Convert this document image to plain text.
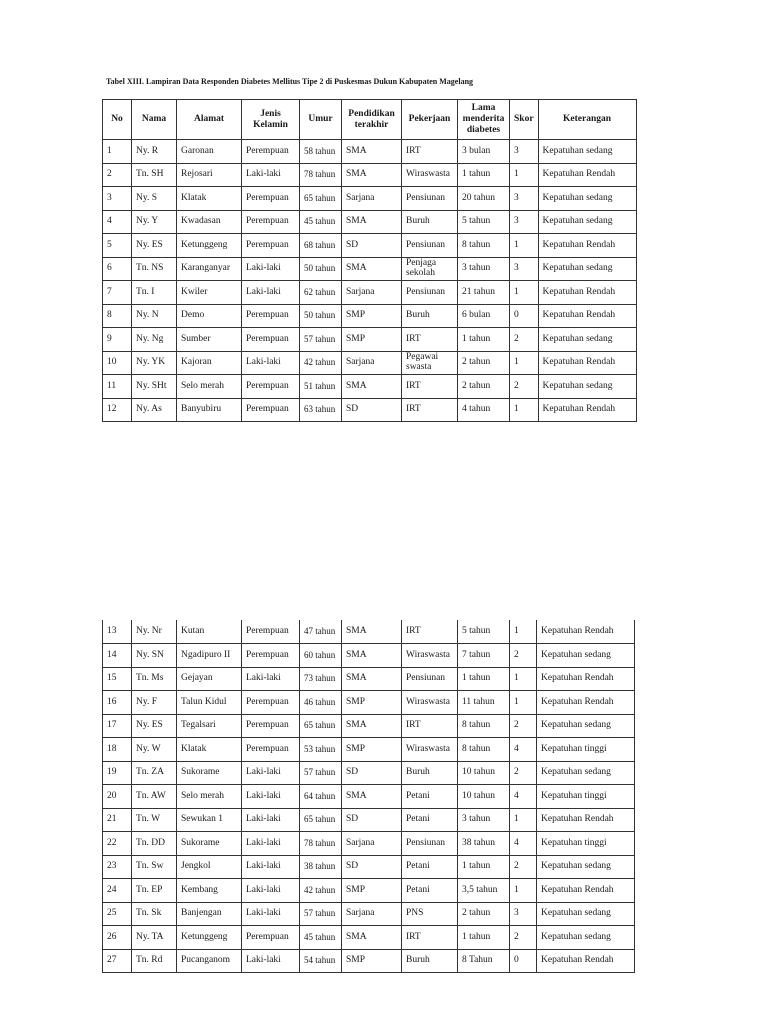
Tabel XIII. Lampiran Data Responden Diabetes Mellitus Tipe 2 di Puskesmas Dukun Kabupaten Magelang
No	Nama	Alamat	Jenis Kelamin	Umur	Pendidikan terakhir	Pekerjaan	Lama menderita diabetes	Skor	Keterangan
1	Ny. R	Garonan	Perempuan	58 tahun	SMA	IRT	3 bulan	3	Kepatuhan sedang
2	Tn. SH	Rejosari	Laki-laki	78 tahun	SMA	Wiraswasta	1 tahun	1	Kepatuhan Rendah
3	Ny. S	Klatak	Perempuan	65 tahun	Sarjana	Pensiunan	20 tahun	3	Kepatuhan sedang
4	Ny. Y	Kwadasan	Perempuan	45 tahun	SMA	Buruh	5 tahun	3	Kepatuhan sedang
5	Ny. ES	Ketunggeng	Perempuan	68 tahun	SD	Pensiunan	8 tahun	1	Kepatuhan Rendah
6	Tn. NS	Karanganyar	Laki-laki	50 tahun	SMA	Penjaga sekolah	3 tahun	3	Kepatuhan sedang
7	Tn. I	Kwiler	Laki-laki	62 tahun	Sarjana	Pensiunan	21 tahun	1	Kepatuhan Rendah
8	Ny. N	Demo	Perempuan	50 tahun	SMP	Buruh	6 bulan	0	Kepatuhan Rendah
9	Ny. Ng	Sumber	Perempuan	57 tahun	SMP	IRT	1 tahun	2	Kepatuhan sedang
10	Ny. YK	Kajoran	Laki-laki	42 tahun	Sarjana	Pegawai swasta	2 tahun	1	Kepatuhan Rendah
11	Ny. SHt	Selo merah	Perempuan	51 tahun	SMA	IRT	2 tahun	2	Kepatuhan sedang
12	Ny. As	Banyubiru	Perempuan	63 tahun	SD	IRT	4 tahun	1	Kepatuhan Rendah
13	Ny. Nr	Kutan	Perempuan	47 tahun	SMA	IRT	5 tahun	1	Kepatuhan Rendah
14	Ny. SN	Ngadipuro II	Perempuan	60 tahun	SMA	Wiraswasta	7 tahun	2	Kepatuhan sedang
15	Tn. Ms	Gejayan	Laki-laki	73 tahun	SMA	Pensiunan	1 tahun	1	Kepatuhan Rendah
16	Ny. F	Talun Kidul	Perempuan	46 tahun	SMP	Wiraswasta	11 tahun	1	Kepatuhan Rendah
17	Ny. ES	Tegalsari	Perempuan	65 tahun	SMA	IRT	8 tahun	2	Kepatuhan sedang
18	Ny. W	Klatak	Perempuan	53 tahun	SMP	Wiraswasta	8 tahun	4	Kepatuhan tinggi
19	Tn. ZA	Sukorame	Laki-laki	57 tahun	SD	Buruh	10 tahun	2	Kepatuhan sedang
20	Tn. AW	Selo merah	Laki-laki	64 tahun	SMA	Petani	10 tahun	4	Kepatuhan tinggi
21	Tn. W	Sewukan 1	Laki-laki	65 tahun	SD	Petani	3 tahun	1	Kepatuhan Rendah
22	Tn. DD	Sukorame	Laki-laki	78 tahun	Sarjana	Pensiunan	38 tahun	4	Kepatuhan tinggi
23	Tn. Sw	Jengkol	Laki-laki	38 tahun	SD	Petani	1 tahun	2	Kepatuhan sedang
24	Tn. EP	Kembang	Laki-laki	42 tahun	SMP	Petani	3,5 tahun	1	Kepatuhan Rendah
25	Tn. Sk	Banjengan	Laki-laki	57 tahun	Sarjana	PNS	2 tahun	3	Kepatuhan sedang
26	Ny. TA	Ketunggeng	Perempuan	45 tahun	SMA	IRT	1 tahun	2	Kepatuhan sedang
27	Tn. Rd	Pucanganom	Laki-laki	54 tahun	SMP	Buruh	8 Tahun	0	Kepatuhan Rendah
